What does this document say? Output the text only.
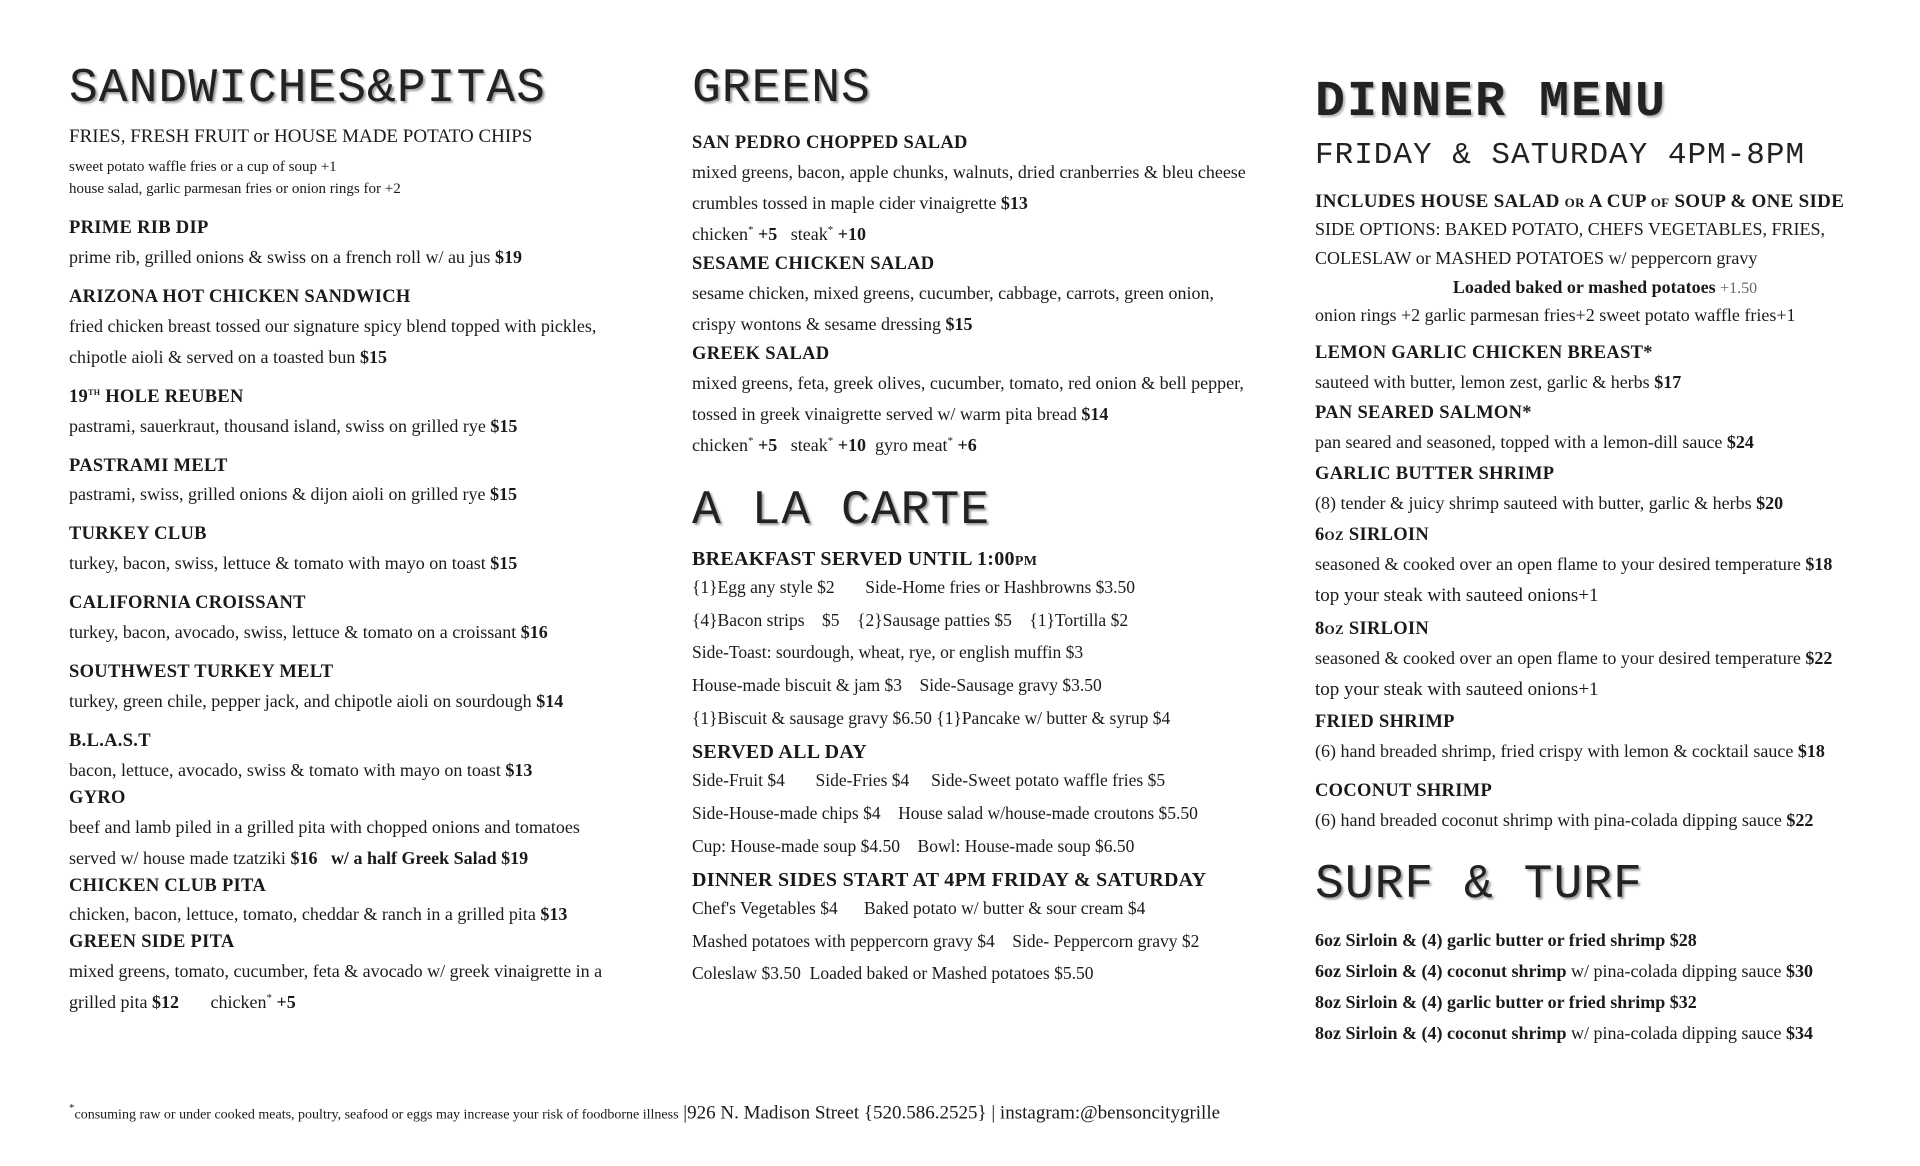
SANDWICHES&PITAS
FRIES, FRESH FRUIT or HOUSE MADE POTATO CHIPS
sweet potato waffle fries or a cup of soup +1
house salad, garlic parmesan fries or onion rings for +2
PRIME RIB DIP
prime rib, grilled onions & swiss on a french roll w/ au jus $19
ARIZONA HOT CHICKEN SANDWICH
fried chicken breast tossed our signature spicy blend topped with pickles, chipotle aioli & served on a toasted bun $15
19th HOLE REUBEN
pastrami, sauerkraut, thousand island, swiss on grilled rye $15
PASTRAMI MELT
pastrami, swiss, grilled onions & dijon aioli on grilled rye $15
TURKEY CLUB
turkey, bacon, swiss, lettuce & tomato with mayo on toast $15
CALIFORNIA CROISSANT
turkey, bacon, avocado, swiss, lettuce & tomato on a croissant $16
SOUTHWEST TURKEY MELT
turkey, green chile, pepper jack, and chipotle aioli on sourdough $14
B.L.A.S.T
bacon, lettuce, avocado, swiss & tomato with mayo on toast $13
GYRO
beef and lamb piled in a grilled pita with chopped onions and tomatoes served w/ house made tzatziki $16 w/ a half Greek Salad $19
CHICKEN CLUB PITA
chicken, bacon, lettuce, tomato, cheddar & ranch in a grilled pita $13
GREEN SIDE PITA
mixed greens, tomato, cucumber, feta & avocado w/ greek vinaigrette in a grilled pita $12 chicken* +5
GREENS
SAN PEDRO CHOPPED SALAD
mixed greens, bacon, apple chunks, walnuts, dried cranberries & bleu cheese crumbles tossed in maple cider vinaigrette $13
chicken* +5 steak* +10
SESAME CHICKEN SALAD
sesame chicken, mixed greens, cucumber, cabbage, carrots, green onion, crispy wontons & sesame dressing $15
GREEK SALAD
mixed greens, feta, greek olives, cucumber, tomato, red onion & bell pepper, tossed in greek vinaigrette served w/ warm pita bread $14
chicken* +5 steak* +10 gyro meat* +6
A LA CARTE
BREAKFAST SERVED UNTIL 1:00pm
{1}Egg any style $2       Side-Home fries or Hashbrowns $3.50
{4}Bacon strips    $5    {2}Sausage patties $5    {1}Tortilla $2
Side-Toast: sourdough, wheat, rye, or english muffin $3
House-made biscuit & jam $3    Side-Sausage gravy $3.50
{1}Biscuit & sausage gravy $6.50 {1}Pancake w/ butter & syrup $4
SERVED ALL DAY
Side-Fruit $4       Side-Fries $4     Side-Sweet potato waffle fries $5
Side-House-made chips $4    House salad w/house-made croutons $5.50
Cup: House-made soup $4.50    Bowl: House-made soup $6.50
DINNER SIDES START AT 4PM FRIDAY & SATURDAY
Chef's Vegetables $4      Baked potato w/ butter & sour cream $4
Mashed potatoes with peppercorn gravy $4    Side- Peppercorn gravy $2
Coleslaw $3.50  Loaded baked or Mashed potatoes $5.50
DINNER MENU
FRIDAY & SATURDAY 4PM-8PM
INCLUDES HOUSE SALAD or A CUP of SOUP & ONE SIDE
SIDE OPTIONS: BAKED POTATO, CHEFS VEGETABLES, FRIES, COLESLAW or MASHED POTATOES w/ peppercorn gravy
Loaded baked or mashed potatoes +1.50
onion rings +2 garlic parmesan fries+2 sweet potato waffle fries+1
LEMON GARLIC CHICKEN BREAST*
sauteed with butter, lemon zest, garlic & herbs $17
PAN SEARED SALMON*
pan seared and seasoned, topped with a lemon-dill sauce $24
GARLIC BUTTER SHRIMP
(8) tender & juicy shrimp sauteed with butter, garlic & herbs $20
6oz SIRLOIN
seasoned & cooked over an open flame to your desired temperature $18
top your steak with sauteed onions+1
8oz SIRLOIN
seasoned & cooked over an open flame to your desired temperature $22
top your steak with sauteed onions+1
FRIED SHRIMP
(6) hand breaded shrimp, fried crispy with lemon & cocktail sauce $18
COCONUT SHRIMP
(6) hand breaded coconut shrimp with pina-colada dipping sauce $22
SURF & TURF
6oz Sirloin & (4) garlic butter or fried shrimp $28
6oz Sirloin & (4) coconut shrimp w/ pina-colada dipping sauce $30
8oz Sirloin & (4) garlic butter or fried shrimp $32
8oz Sirloin & (4) coconut shrimp w/ pina-colada dipping sauce $34
*consuming raw or under cooked meats, poultry, seafood or eggs may increase your risk of foodborne illness |926 N. Madison Street {520.586.2525} | instagram:@bensoncitygrille
